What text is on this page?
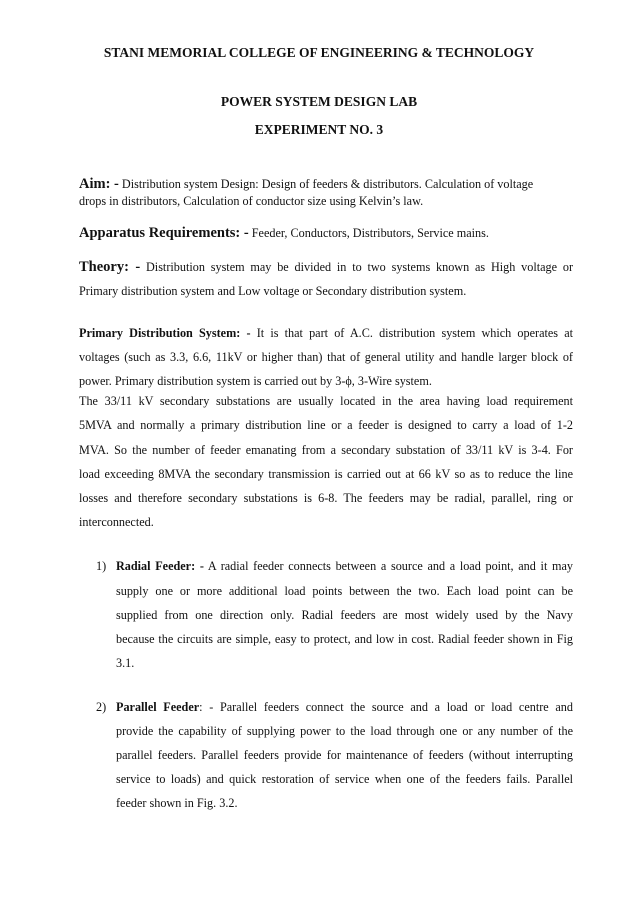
STANI MEMORIAL COLLEGE OF ENGINEERING & TECHNOLOGY
POWER SYSTEM DESIGN LAB
EXPERIMENT NO. 3
Aim: - Distribution system Design: Design of feeders & distributors. Calculation of voltage
drops in distributors, Calculation of conductor size using Kelvin’s law.
Apparatus Requirements: - Feeder, Conductors, Distributors, Service mains.
Theory: - Distribution system may be divided in to two systems known as High voltage or
Primary distribution system and Low voltage or Secondary distribution system.
Primary Distribution System: - It is that part of A.C. distribution system which operates at
voltages (such as 3.3, 6.6, 11kV or higher than) that of general utility and handle larger block of
power. Primary distribution system is carried out by 3-ϕ, 3-Wire system.
The 33/11 kV secondary substations are usually located in the area having load requirement
5MVA and normally a primary distribution line or a feeder is designed to carry a load of 1-2
MVA. So the number of feeder emanating from a secondary substation of 33/11 kV is 3-4. For
load exceeding 8MVA the secondary transmission is carried out at 66 kV so as to reduce the line
losses and therefore secondary substations is 6-8. The feeders may be radial, parallel, ring or
interconnected.
1) Radial Feeder: - A radial feeder connects between a source and a load point, and it may
supply one or more additional load points between the two. Each load point can be
supplied from one direction only. Radial feeders are most widely used by the Navy
because the circuits are simple, easy to protect, and low in cost. Radial feeder shown in Fig
3.1.
2) Parallel Feeder: - Parallel feeders connect the source and a load or load centre and
provide the capability of supplying power to the load through one or any number of the
parallel feeders. Parallel feeders provide for maintenance of feeders (without interrupting
service to loads) and quick restoration of service when one of the feeders fails. Parallel
feeder shown in Fig. 3.2.
